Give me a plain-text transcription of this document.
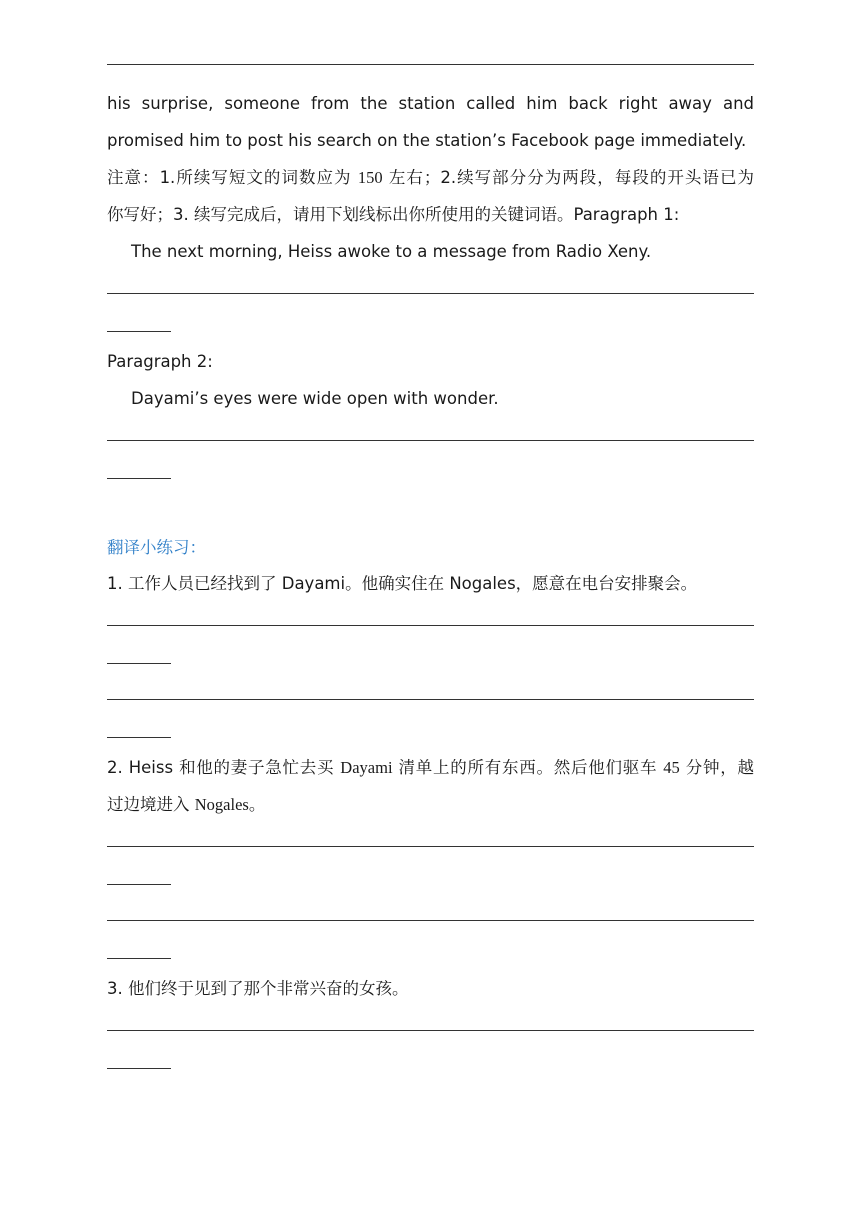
his surprise, someone from the station called him back right away and
promised him to post his search on the station’s Facebook page immediately.
注意：1.所续写短文的词数应为 150 左右；2.续写部分分为两段，每段的开头语已为
你写好；3. 续写完成后，请用下划线标出你所使用的关键词语。Paragraph 1:
The next morning, Heiss awoke to a message from Radio Xeny.
Paragraph 2:
Dayami’s eyes were wide open with wonder.
翻译小练习：
1. 工作人员已经找到了 Dayami。他确实住在 Nogales，愿意在电台安排聚会。
2. Heiss 和他的妻子急忙去买 Dayami 清单上的所有东西。然后他们驱车 45 分钟，越
过边境进入 Nogales。
3. 他们终于见到了那个非常兴奋的女孩。
